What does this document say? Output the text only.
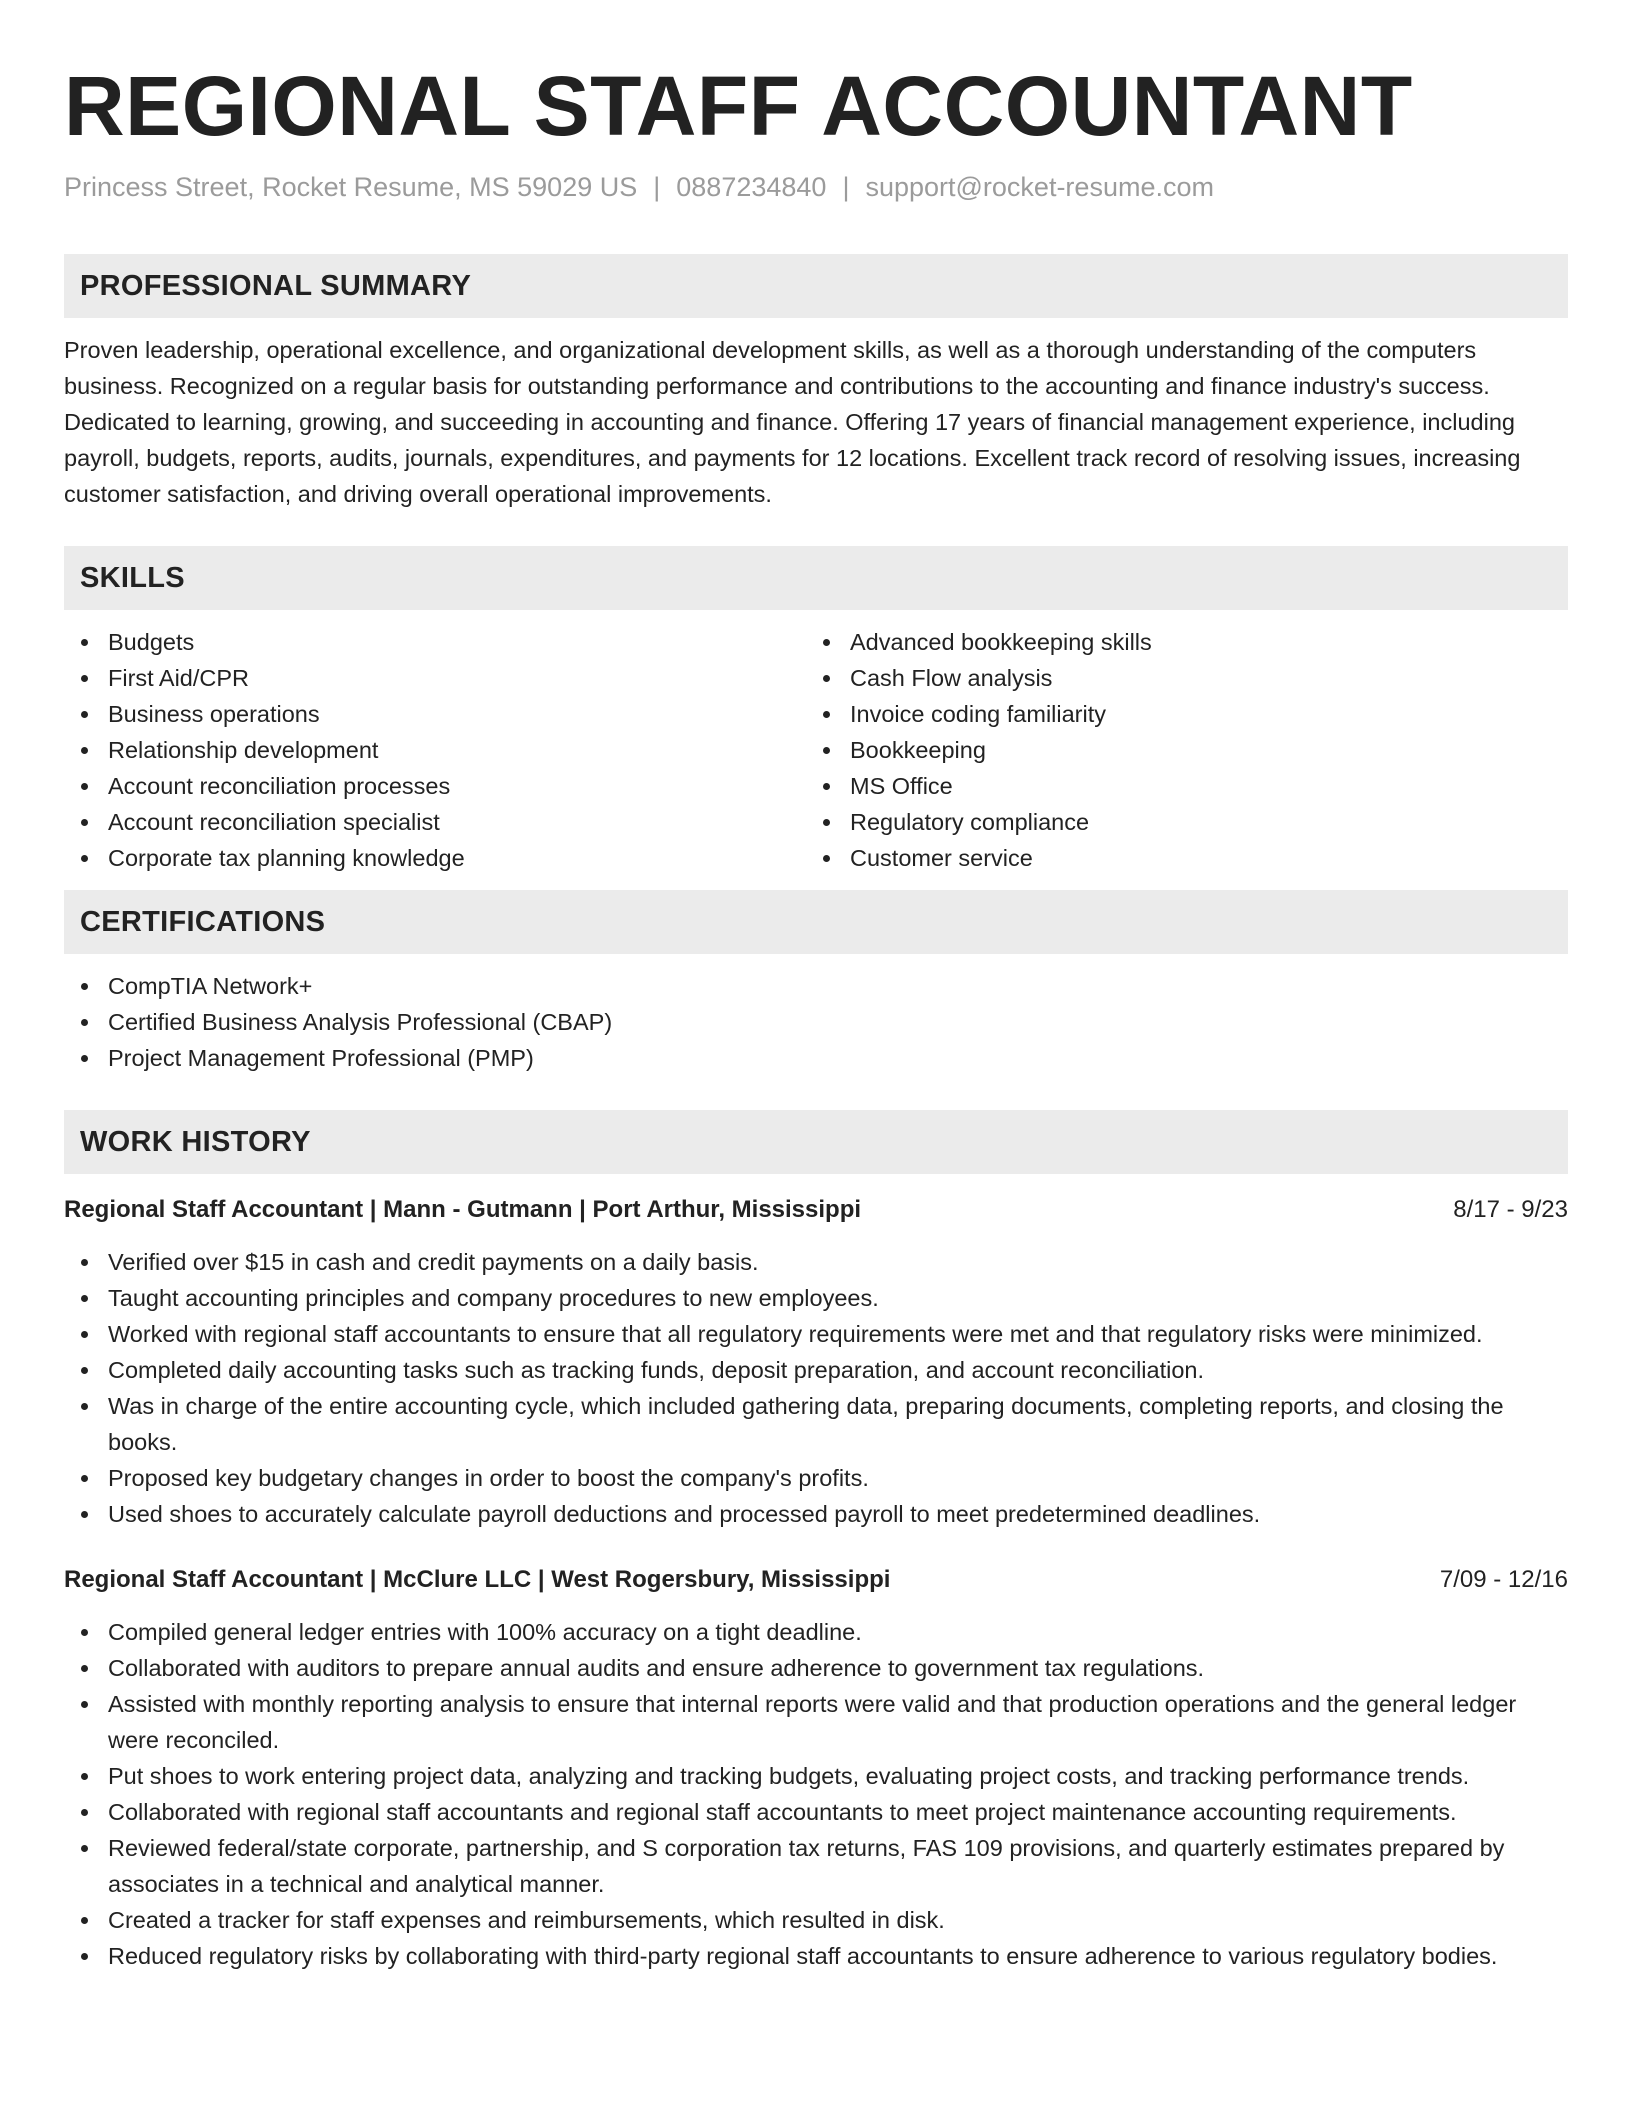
REGIONAL STAFF ACCOUNTANT
Princess Street, Rocket Resume, MS 59029 US | 0887234840 | support@rocket-resume.com
PROFESSIONAL SUMMARY

Proven leadership, operational excellence, and organizational development skills, as well as a thorough understanding of the computers business. Recognized on a regular basis for outstanding performance and contributions to the accounting and finance industry's success. Dedicated to learning, growing, and succeeding in accounting and finance. Offering 17 years of financial management experience, including payroll, budgets, reports, audits, journals, expenditures, and payments for 12 locations. Excellent track record of resolving issues, increasing customer satisfaction, and driving overall operational improvements.

SKILLS
Budgets
First Aid/CPR
Business operations
Relationship development
Account reconciliation processes
Account reconciliation specialist
Corporate tax planning knowledge
Advanced bookkeeping skills
Cash Flow analysis
Invoice coding familiarity
Bookkeeping
MS Office
Regulatory compliance
Customer service
CERTIFICATIONS
CompTIA Network+
Certified Business Analysis Professional (CBAP)
Project Management Professional (PMP)
WORK HISTORY
Regional Staff Accountant | Mann - Gutmann | Port Arthur, Mississippi	8/17 - 9/23
Verified over $15 in cash and credit payments on a daily basis.
Taught accounting principles and company procedures to new employees.
Worked with regional staff accountants to ensure that all regulatory requirements were met and that regulatory risks were minimized.
Completed daily accounting tasks such as tracking funds, deposit preparation, and account reconciliation.
Was in charge of the entire accounting cycle, which included gathering data, preparing documents, completing reports, and closing the books.
Proposed key budgetary changes in order to boost the company's profits.
Used shoes to accurately calculate payroll deductions and processed payroll to meet predetermined deadlines.
Regional Staff Accountant | McClure LLC | West Rogersbury, Mississippi	7/09 - 12/16
Compiled general ledger entries with 100% accuracy on a tight deadline.
Collaborated with auditors to prepare annual audits and ensure adherence to government tax regulations.
Assisted with monthly reporting analysis to ensure that internal reports were valid and that production operations and the general ledger were reconciled.
Put shoes to work entering project data, analyzing and tracking budgets, evaluating project costs, and tracking performance trends.
Collaborated with regional staff accountants and regional staff accountants to meet project maintenance accounting requirements.
Reviewed federal/state corporate, partnership, and S corporation tax returns, FAS 109 provisions, and quarterly estimates prepared by associates in a technical and analytical manner.
Created a tracker for staff expenses and reimbursements, which resulted in disk.
Reduced regulatory risks by collaborating with third-party regional staff accountants to ensure adherence to various regulatory bodies.
